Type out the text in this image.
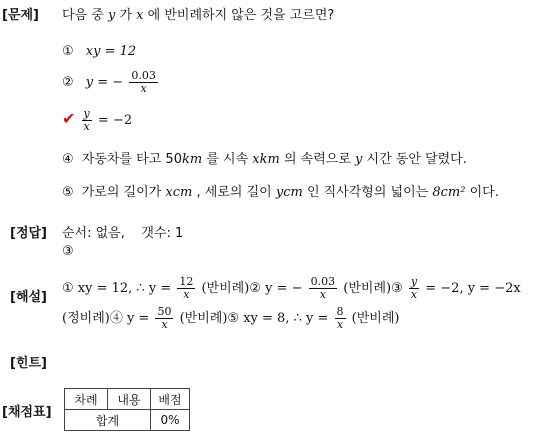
[문제] 다음 중 y 가 x 에 반비례하지 않은 것을 고르면?
① xy = 12
② y = − $\frac{0.03}{x}$
✔ $\frac{y}{x} = -2$
④ 자동차를 타고 50km 를 시속 xkm 의 속력으로 y 시간 동안 달렸다.
⑤ 가로의 길이가 xcm , 세로의 길이 ycm 인 직사각형의 넓이는 8cm² 이다.
[정답] 순서: 없음,    갯수: 1
③
[해설]
① xy = 12, ∴ $y = \frac{12}{x}$ (반비례)② y = − $\frac{0.03}{x}$ (반비례)③ $\frac{y}{x} = -2$, y = −2x
(정비례)④ $y = \frac{50}{x}$ (반비례)⑤ xy = 8, ∴ $y = \frac{8}{x}$ (반비례)
[힌트]
[채점표]
차례	내용	배점
합계		0%
